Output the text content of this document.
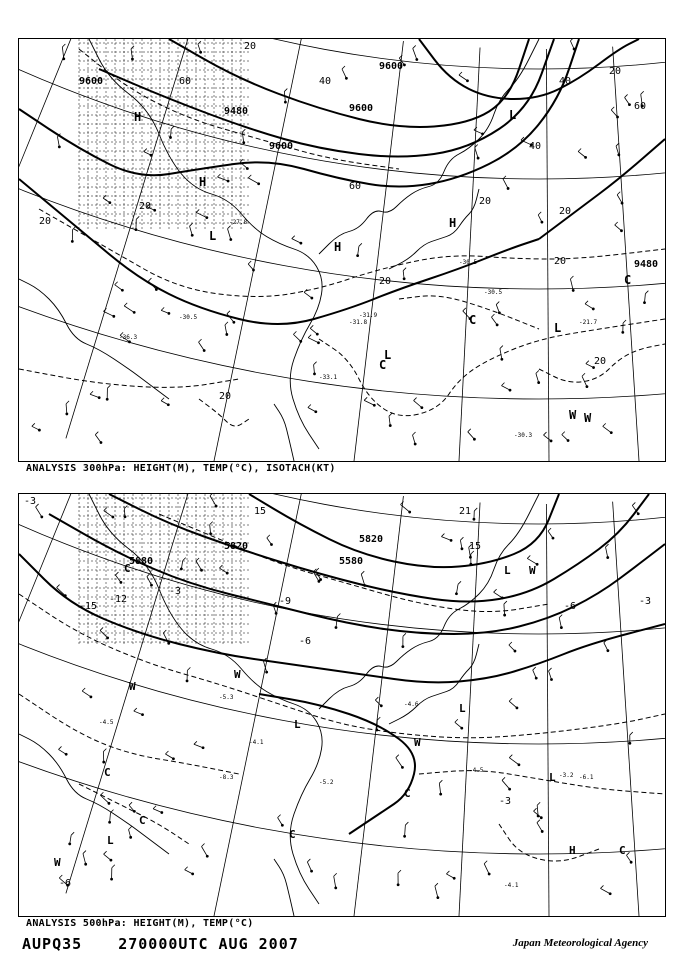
9480	9600
9600
9600
9600
9480
20
60	40
20
20
20
40
60
40
20
20
20
20
20
60
20
H
H
H
L
L
L
C
C
C
W W
L
H
-27.8
-31.9
-30.5
-30.5
-33.1
-31.8	-21.7
-30.5
-36.3
-30.3
ANALYSIS 300hPa: HEIGHT(M), TEMP(°C), ISOTACH(KT)
5820
5580
5820
5880
-3
15	21
15
-15
-12	-9
-6
-3
-6	-3
-3
-6
C
W
C
C
L
W
L
W
H
L
W
C
L
C
L W
C
-4.5
-3.2
-8.3
-4.1
-5.2
-4.6
-4.1
-5.3
-6.1
-4.5
ANALYSIS 500hPa: HEIGHT(M), TEMP(°C)
AUPQ35 270000UTC AUG 2007	Japan Meteorological Agency
